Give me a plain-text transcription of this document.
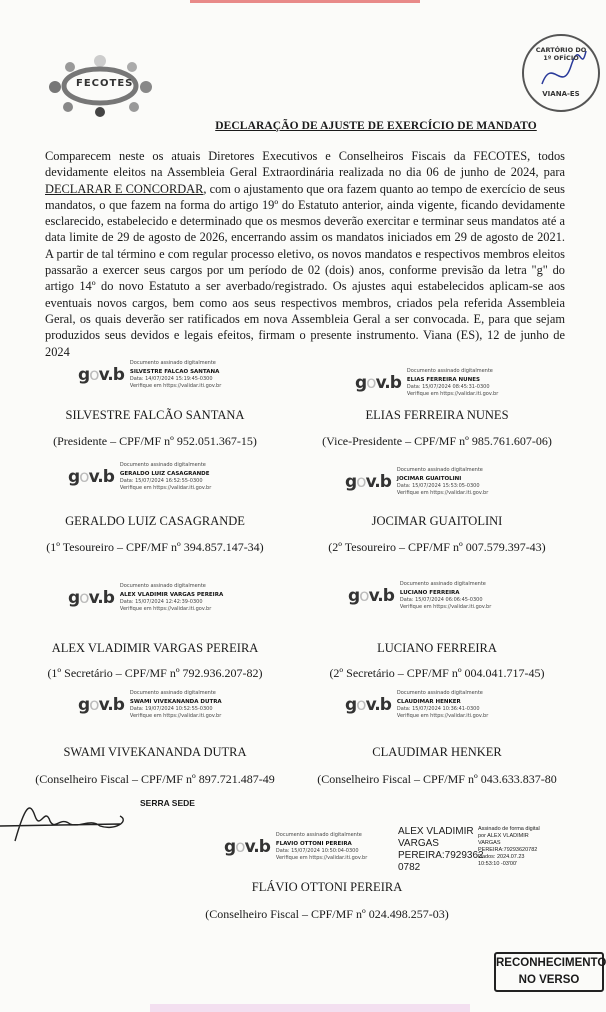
FECOTES
CARTÓRIO DO 1º OFÍCIO
VIANA-ES
DECLARAÇÃO DE AJUSTE DE EXERCÍCIO DE MANDATO
Comparecem neste os atuais Diretores Executivos e Conselheiros Fiscais da FECOTES, todos devidamente eleitos na Assembleia Geral Extraordinária realizada no dia 06 de junho de 2024, para DECLARAR E CONCORDAR, com o ajustamento que ora fazem quanto ao tempo de exercício de seus mandatos, o que fazem na forma do artigo 19º do Estatuto anterior, ainda vigente, ficando devidamente esclarecido, estabelecido e determinado que os mesmos deverão exercitar e terminar seus mandatos até a data limite de 29 de agosto de 2026, encerrando assim os mandatos iniciados em 29 de agosto de 2021. A partir de tal término e com regular processo eletivo, os novos mandatos e respectivos membros eleitos passarão a exercer seus cargos por um período de 02 (dois) anos, conforme previsão da letra "g" do artigo 14º do novo Estatuto a ser averbado/registrado. Os ajustes aqui estabelecidos aplicam-se aos eventuais novos cargos, bem como aos seus respectivos membros, criados pela referida Assembleia Geral, os quais deverão ser ratificados em nova Assembleia Geral a ser convocada. E, para que sejam produzidos seus devidos e legais efeitos, firmam o presente instrumento. Viana (ES), 12 de junho de 2024
gov.b
Documento assinado digitalmente
SILVESTRE FALCAO SANTANA
Data: 14/07/2024 15:19:45-0300
Verifique em https://validar.iti.gov.br
SILVESTRE FALCÃO SANTANA
(Presidente – CPF/MF nº 952.051.367-15)
gov.b
Documento assinado digitalmente
ELIAS FERREIRA NUNES
Data: 15/07/2024 08:45:31-0300
Verifique em https://validar.iti.gov.br
ELIAS FERREIRA NUNES
(Vice-Presidente – CPF/MF nº 985.761.607-06)
gov.b
Documento assinado digitalmente
GERALDO LUIZ CASAGRANDE
Data: 15/07/2024 16:52:55-0300
Verifique em https://validar.iti.gov.br
GERALDO LUIZ CASAGRANDE
(1º Tesoureiro – CPF/MF nº 394.857.147-34)
gov.b
Documento assinado digitalmente
JOCIMAR GUAITOLINI
Data: 15/07/2024 15:53:05-0300
Verifique em https://validar.iti.gov.br
JOCIMAR GUAITOLINI
(2º Tesoureiro – CPF/MF nº 007.579.397-43)
gov.b
Documento assinado digitalmente
ALEX VLADIMIR VARGAS PEREIRA
Data: 15/07/2024 12:42:39-0300
Verifique em https://validar.iti.gov.br
ALEX VLADIMIR VARGAS PEREIRA
(1º Secretário – CPF/MF nº 792.936.207-82)
gov.b
Documento assinado digitalmente
LUCIANO FERREIRA
Data: 15/07/2024 06:06:45-0300
Verifique em https://validar.iti.gov.br
LUCIANO FERREIRA
(2º Secretário – CPF/MF nº 004.041.717-45)
gov.b
Documento assinado digitalmente
SWAMI VIVEKANANDA DUTRA
Data: 19/07/2024 10:52:55-0300
Verifique em https://validar.iti.gov.br
SWAMI VIVEKANANDA DUTRA
(Conselheiro Fiscal – CPF/MF nº 897.721.487-49
gov.b
Documento assinado digitalmente
CLAUDIMAR HENKER
Data: 15/07/2024 10:36:41-0300
Verifique em https://validar.iti.gov.br
CLAUDIMAR HENKER
(Conselheiro Fiscal – CPF/MF nº 043.633.837-80
gov.b
Documento assinado digitalmente
FLAVIO OTTONI PEREIRA
Data: 15/07/2024 10:50:04-0300
Verifique em https://validar.iti.gov.br
FLÁVIO OTTONI PEREIRA
(Conselheiro Fiscal – CPF/MF nº 024.498.257-03)
SERRA SEDE
ALEX VLADIMIR
VARGAS
PEREIRA:7929362
0782
Assinado de forma digital
por ALEX VLADIMIR
VARGAS
PEREIRA:79293620782
Dados: 2024.07.23
10:53:10 -03'00'
RECONHECIMENTO
NO VERSO
